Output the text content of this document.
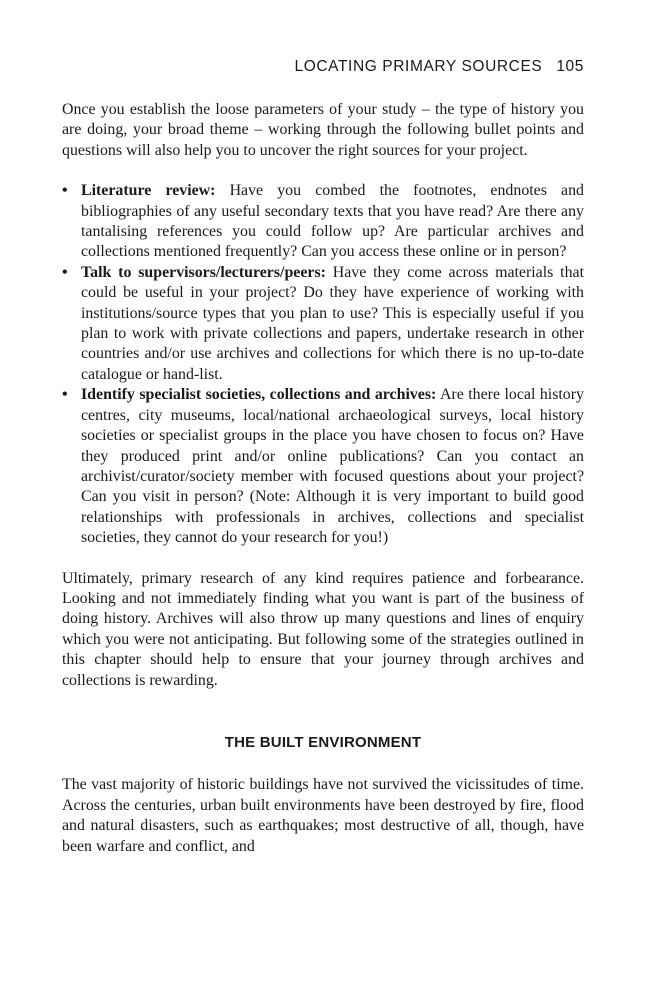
LOCATING PRIMARY SOURCES 105

Once you establish the loose parameters of your study – the type of history you are doing, your broad theme – working through the following bullet points and questions will also help you to uncover the right sources for your project.

• Literature review: Have you combed the footnotes, endnotes and bibliographies of any useful secondary texts that you have read? Are there any tantalising references you could follow up? Are particular archives and collections mentioned frequently? Can you access these online or in person?
• Talk to supervisors/lecturers/peers: Have they come across materials that could be useful in your project? Do they have experience of working with institutions/source types that you plan to use? This is especially useful if you plan to work with private collections and papers, undertake research in other countries and/or use archives and collections for which there is no up-to-date catalogue or hand-list.
• Identify specialist societies, collections and archives: Are there local history centres, city museums, local/national archaeological surveys, local history societies or specialist groups in the place you have chosen to focus on? Have they produced print and/or online publications? Can you contact an archivist/curator/society member with focused questions about your project? Can you visit in person? (Note: Although it is very important to build good relationships with professionals in archives, collections and specialist societies, they cannot do your research for you!)

Ultimately, primary research of any kind requires patience and forbearance. Looking and not immediately finding what you want is part of the business of doing history. Archives will also throw up many questions and lines of enquiry which you were not anticipating. But following some of the strategies outlined in this chapter should help to ensure that your journey through archives and collections is rewarding.

THE BUILT ENVIRONMENT

The vast majority of historic buildings have not survived the vicissitudes of time. Across the centuries, urban built environments have been destroyed by fire, flood and natural disasters, such as earthquakes; most destructive of all, though, have been warfare and conflict, and
